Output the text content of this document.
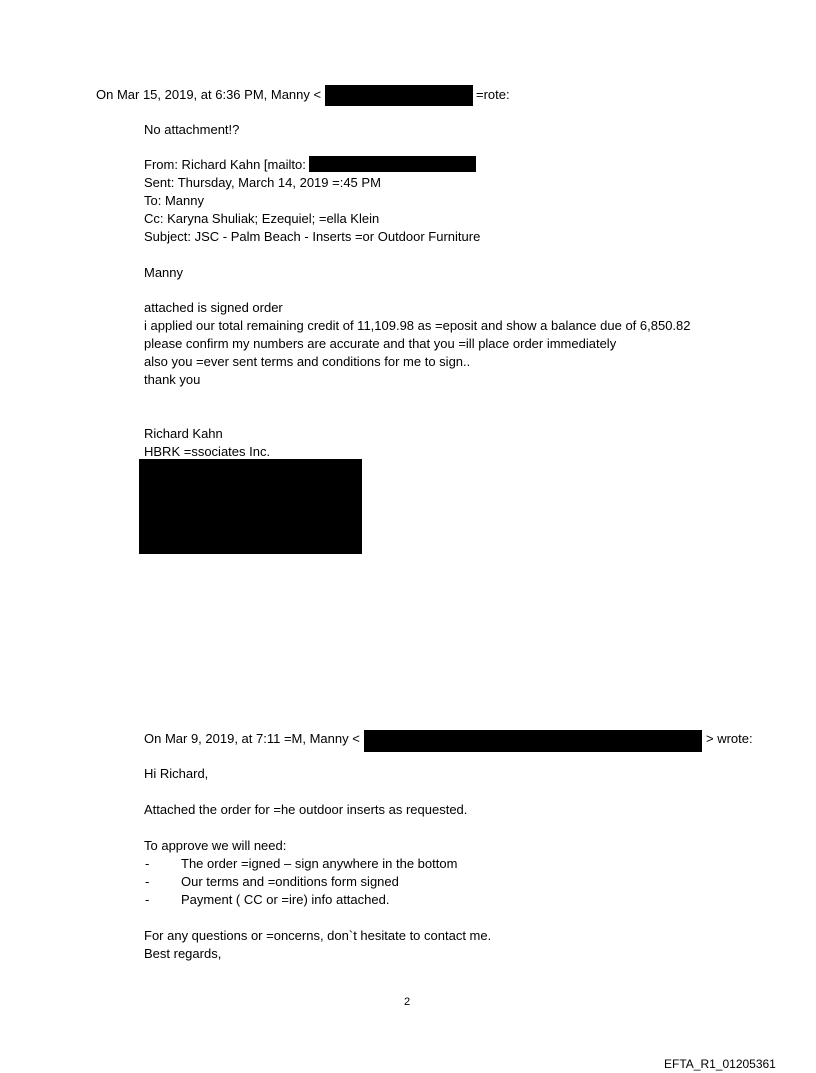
On Mar 15, 2019, at 6:36 PM, Manny <	=rote:
No attachment!?
From: Richard Kahn [mailto:
Sent: Thursday, March 14, 2019 =:45 PM
To: Manny
Cc: Karyna Shuliak; Ezequiel; =ella Klein
Subject: JSC - Palm Beach - Inserts =or Outdoor Furniture
Manny
attached is signed order
i applied our total remaining credit of 11,109.98 as =eposit and show a balance due of 6,850.82
please confirm my numbers are accurate and that you =ill place order immediately
also you =ever sent terms and conditions for me to sign..
thank you
Richard Kahn
HBRK =ssociates Inc.
On Mar 9, 2019, at 7:11 =M, Manny <	> wrote:
Hi Richard,
Attached the order for =he outdoor inserts as requested.
To approve we will need:
- The order =igned – sign anywhere in the bottom
- Our terms and =onditions form signed
- Payment ( CC or =ire) info attached.
For any questions or =oncerns, don`t hesitate to contact me.
Best regards,
2
EFTA_R1_01205361
